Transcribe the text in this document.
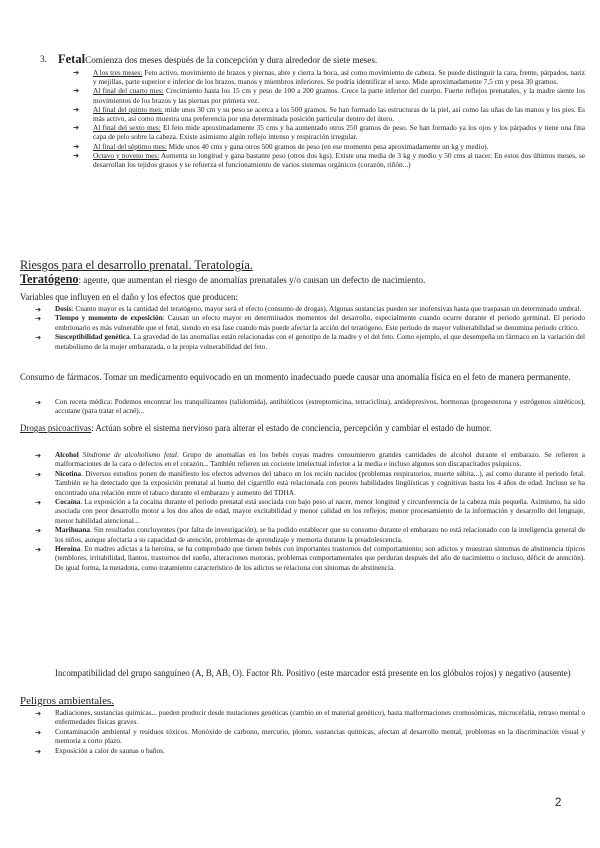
3. FetalComienza dos meses después de la concepción y dura alrededor de siete meses.

➔ A los tres meses: Feto activo, movimiento de brazos y piernas, abre y cierra la boca, así como movimiento de cabeza. Se puede distinguir la cara, frente, párpados, nariz y mejillas, parte superior e inferior de los brazos, manos y miembros inferiores. Se podría identificar el sexo. Mide aproximadamente 7,5 cm y pesa 30 gramos.
➔ Al final del cuarto mes: Crecimiento hasta los 15 cm y peso de 100 a 200 gramos. Crece la parte inferior del cuerpo. Fuerte reflejos prenatales, y la madre siente los movimientos de los brazos y las piernas por primera vez.
➔ Al final del quinto mes: mide unos 30 cm y su peso se acerca a los 500 gramos. Se han formado las estructuras de la piel, así como las uñas de las manos y los pies. Es más activo, así como muestra una preferencia por una determinada posición particular dentro del útero.
➔ Al final del sexto mes: El feto mide aproximadamente 35 cms y ha aumentado otros 250 gramos de peso. Se han formado ya los ojos y los párpados y tiene una fina capa de pelo sobre la cabeza. Existe asimismo algún reflejo intenso y respiración irregular.
➔ Al final del séptimo mes: Mide unos 40 cms y gana otros 500 gramos de peso (en ese momento pesa aproximadamente un kg y medio).
➔ Octavo y noveno mes: Aumenta su longitud y gana bastante peso (otros dos kgs). Existe una media de 3 kg y medio y 50 cms al nacer. En estos dos últimos meses, se desarrollan los tejidos grasos y se refuerza el funcionamiento de varios sistemas orgánicos (corazón, riñón...)

Riesgos para el desarrollo prenatal. Teratología.

Teratógeno: agente, que aumentan el riesgo de anomalías prenatales y/o causan un defecto de nacimiento.

Variables que influyen en el daño y los efectos que producen:

➔ Dosis: Cuanto mayor es la cantidad del teratógeno, mayor será el efecto (consumo de drogas). Algunas sustancias pueden ser inofensivas hasta que traspasan un determinado umbral.
➔ Tiempo y momento de exposición: Causan un efecto mayor en determinados momentos del desarrollo, especialmente cuando ocurre durante el periodo germinal. El periodo embrionario es más vulnerable que el fetal, siendo en esa fase cuando más puede afectar la acción del teratógeno. Este periodo de mayor vulnerabilidad se denomina periodo crítico.
➔ Susceptibilidad genética. La gravedad de las anomalías están relacionadas con el genotipo de la madre y el del feto. Como ejemplo, el que desempeña un fármaco en la variación del metabolismo de la mujer embarazada, o la propia vulnerabilidad del feto.

Consumo de fármacos. Tomar un medicamento equivocado en un momento inadecuado puede causar una anomalía física en el feto de manera permanente.

➔ Con receta médica: Podemos encontrar los tranquilizantes (talidomida), antibióticos (estreptomicina, tetraciclina), antidepresivos, hormonas (progesterona y estrógenos sintéticos), accutane (para tratar el acné)...

Drogas psicoactivas: Actúan sobre el sistema nervioso para alterar el estado de conciencia, percepción y cambiar el estado de humor.

➔ Alcohol Síndrome de alcoholismo fetal. Grupo de anomalías en los bebés cuyas madres consumieron grandes cantidades de alcohol durante el embarazo. Se refieren a malformaciones de la cara o defectos en el corazón... También refieren un cociente intelectual inferior a la media e incluso algunos son discapacitados psíquicos.
➔ Nicotina. Diversos estudios ponen de manifiesto los efectos adversos del tabaco en los recién nacidos (problemas respiratorios, muerte súbita...), así como durante el periodo fetal. También se ha detectado que la exposición prenatal al humo del cigarrillo está relacionada con peores habilidades lingüísticas y cognitivas hasta los 4 años de edad. Incluso se ha encontrado una relación entre el tabaco durante el embarazo y aumento del TDHA.
➔ Cocaína. La exposición a la cocaína durante el periodo prenatal está asociada con bajo peso al nacer, menor longitud y circunferencia de la cabeza más pequeña. Asimismo, ha sido asociada con peor desarrollo motor a los dos años de edad, mayor excitabilidad y menor calidad en los reflejos; menor procesamiento de la información y desarrollo del lenguaje, menor habilidad atencional...
➔ Marihuana. Sin resultados concluyentes (por falta de investigación), se ha podido establecer que su consumo durante el embarazo no está relacionado con la inteligencia general de los niños, aunque afectaría a su capacidad de atención, problemas de aprendizaje y memoria durante la preadolescencia.
➔ Heroína. En madres adictas a la heroína, se ha comprobado que tienen bebés con importantes trastornos del comportamiento; son adictos y muestran síntomas de abstinencia típicos (temblores, irritabilidad, llantos, trastornos del sueño, alteraciones motoras, problemas comportamentales que perduran después del año de nacimiento o incluso, déficit de atención). De igual forma, la metadona, como tratamiento característico de los adictos se relaciona con síntomas de abstinencia.

Incompatibilidad del grupo sanguíneo (A, B, AB, O). Factor Rh. Positivo (este marcador está presente en los glóbulos rojos) y negativo (ausente)

Peligros ambientales.

➔ Radiaciones, sustancias químicas... pueden producir desde mutaciones genéticas (cambio en el material genético), hasta malformaciones cromosómicas, microcefalia, retraso mental o enfermedades físicas graves.
➔ Contaminación ambiental y residuos tóxicos. Monóxido de carbono, mercurio, plomo, sustancias químicas, afectan al desarrollo mental, problemas en la discriminación visual y memoria a corto plazo.
➔ Exposición a calor de saunas o baños.
2
